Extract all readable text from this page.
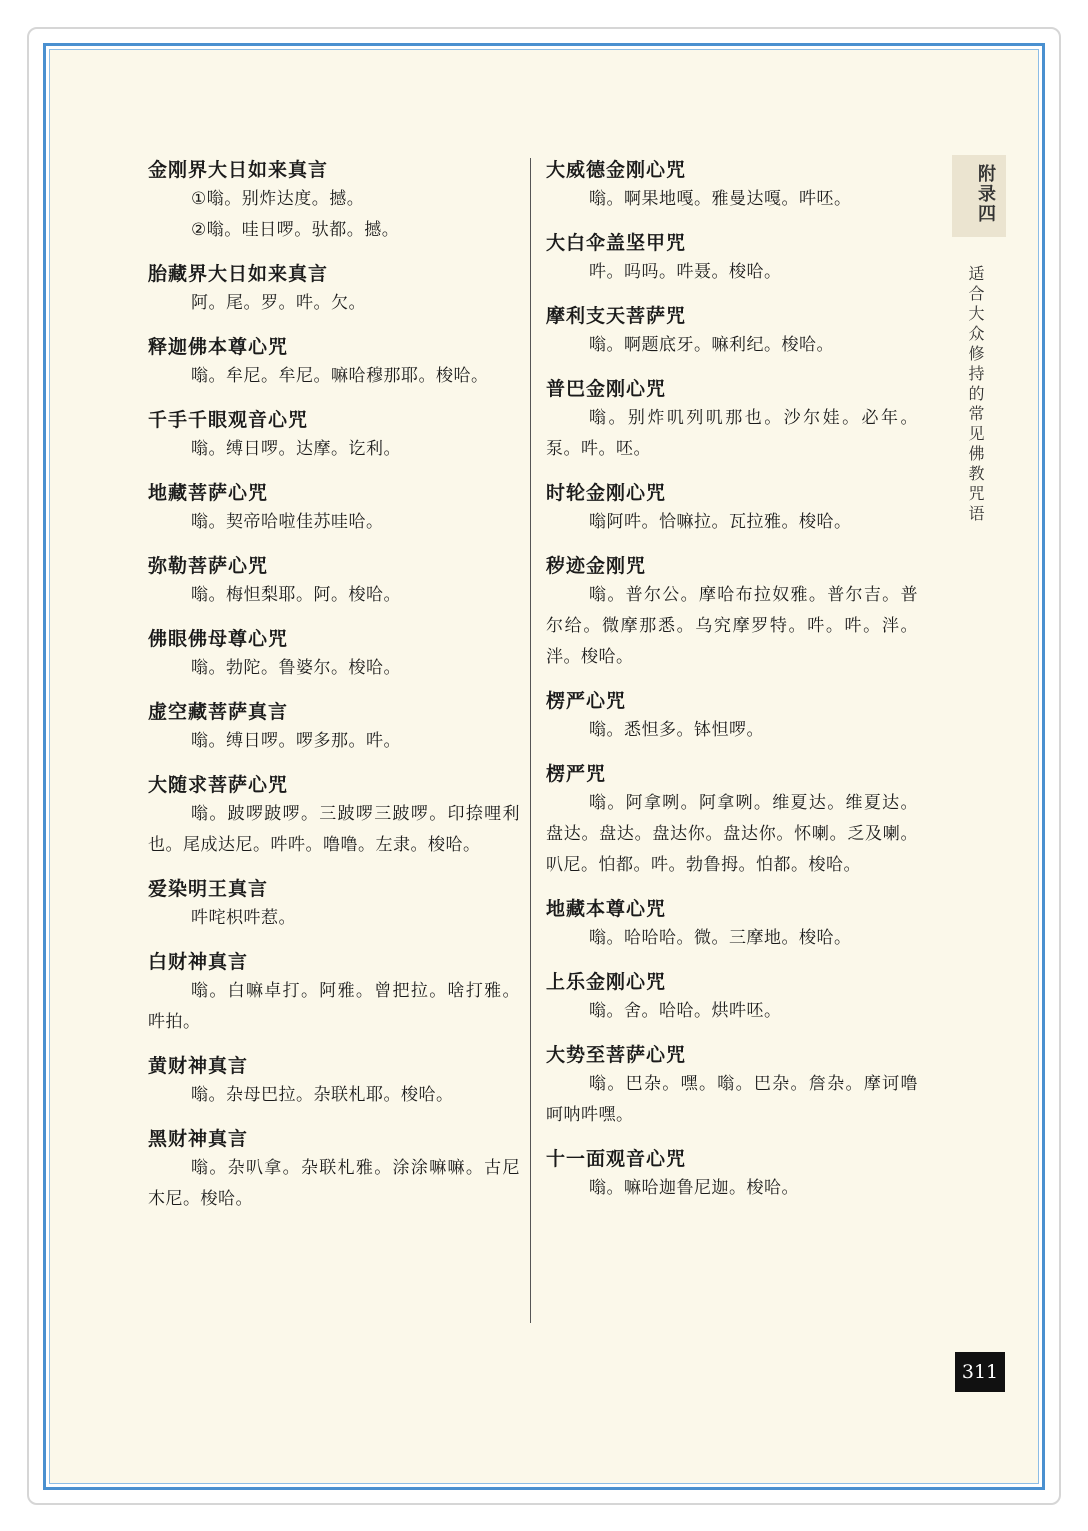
金刚界大日如来真言
①嗡。别炸达度。撼。
②嗡。哇日啰。驮都。撼。
胎藏界大日如来真言
阿。尾。罗。吽。欠。
释迦佛本尊心咒
嗡。牟尼。牟尼。嘛哈穆那耶。梭哈。
千手千眼观音心咒
嗡。缚日啰。达摩。讫利。
地藏菩萨心咒
嗡。契帝哈啦佳苏哇哈。
弥勒菩萨心咒
嗡。梅怛梨耶。阿。梭哈。
佛眼佛母尊心咒
嗡。勃陀。鲁婆尔。梭哈。
虚空藏菩萨真言
嗡。缚日啰。啰多那。吽。
大随求菩萨心咒
嗡。跛啰跛啰。三跛啰三跛啰。印捺哩利也。尾成达尼。吽吽。噜噜。左隶。梭哈。
爱染明王真言
吽咤枳吽惹。
白财神真言
嗡。白嘛卓打。阿雅。曾把拉。啥打雅。吽拍。
黄财神真言
嗡。杂母巴拉。杂联札耶。梭哈。
黑财神真言
嗡。杂叭拿。杂联札雅。涂涂嘛嘛。古尼木尼。梭哈。
大威德金刚心咒
嗡。啊果地嘎。雅曼达嘎。吽呸。
大白伞盖坚甲咒
吽。吗吗。吽聂。梭哈。
摩利支天菩萨咒
嗡。啊题底牙。嘛利纪。梭哈。
普巴金刚心咒
嗡。别炸叽列叽那也。沙尔娃。必年。泵。吽。呸。
时轮金刚心咒
嗡阿吽。恰嘛拉。瓦拉雅。梭哈。
秽迹金刚咒
嗡。普尔公。摩哈布拉奴雅。普尔吉。普尔给。微摩那悉。乌究摩罗特。吽。吽。泮。泮。梭哈。
楞严心咒
嗡。悉怛多。钵怛啰。
楞严咒
嗡。阿拿咧。阿拿咧。维夏达。维夏达。盘达。盘达。盘达你。盘达你。怀喇。乏及喇。叭尼。怕都。吽。勃鲁拇。怕都。梭哈。
地藏本尊心咒
嗡。哈哈哈。微。三摩地。梭哈。
上乐金刚心咒
嗡。舍。哈哈。烘吽呸。
大势至菩萨心咒
嗡。巴杂。嘿。嗡。巴杂。詹杂。摩诃噜呵呐吽嘿。
十一面观音心咒
嗡。嘛哈迦鲁尼迦。梭哈。
附录四
适合大众修持的常见佛教咒语
311
